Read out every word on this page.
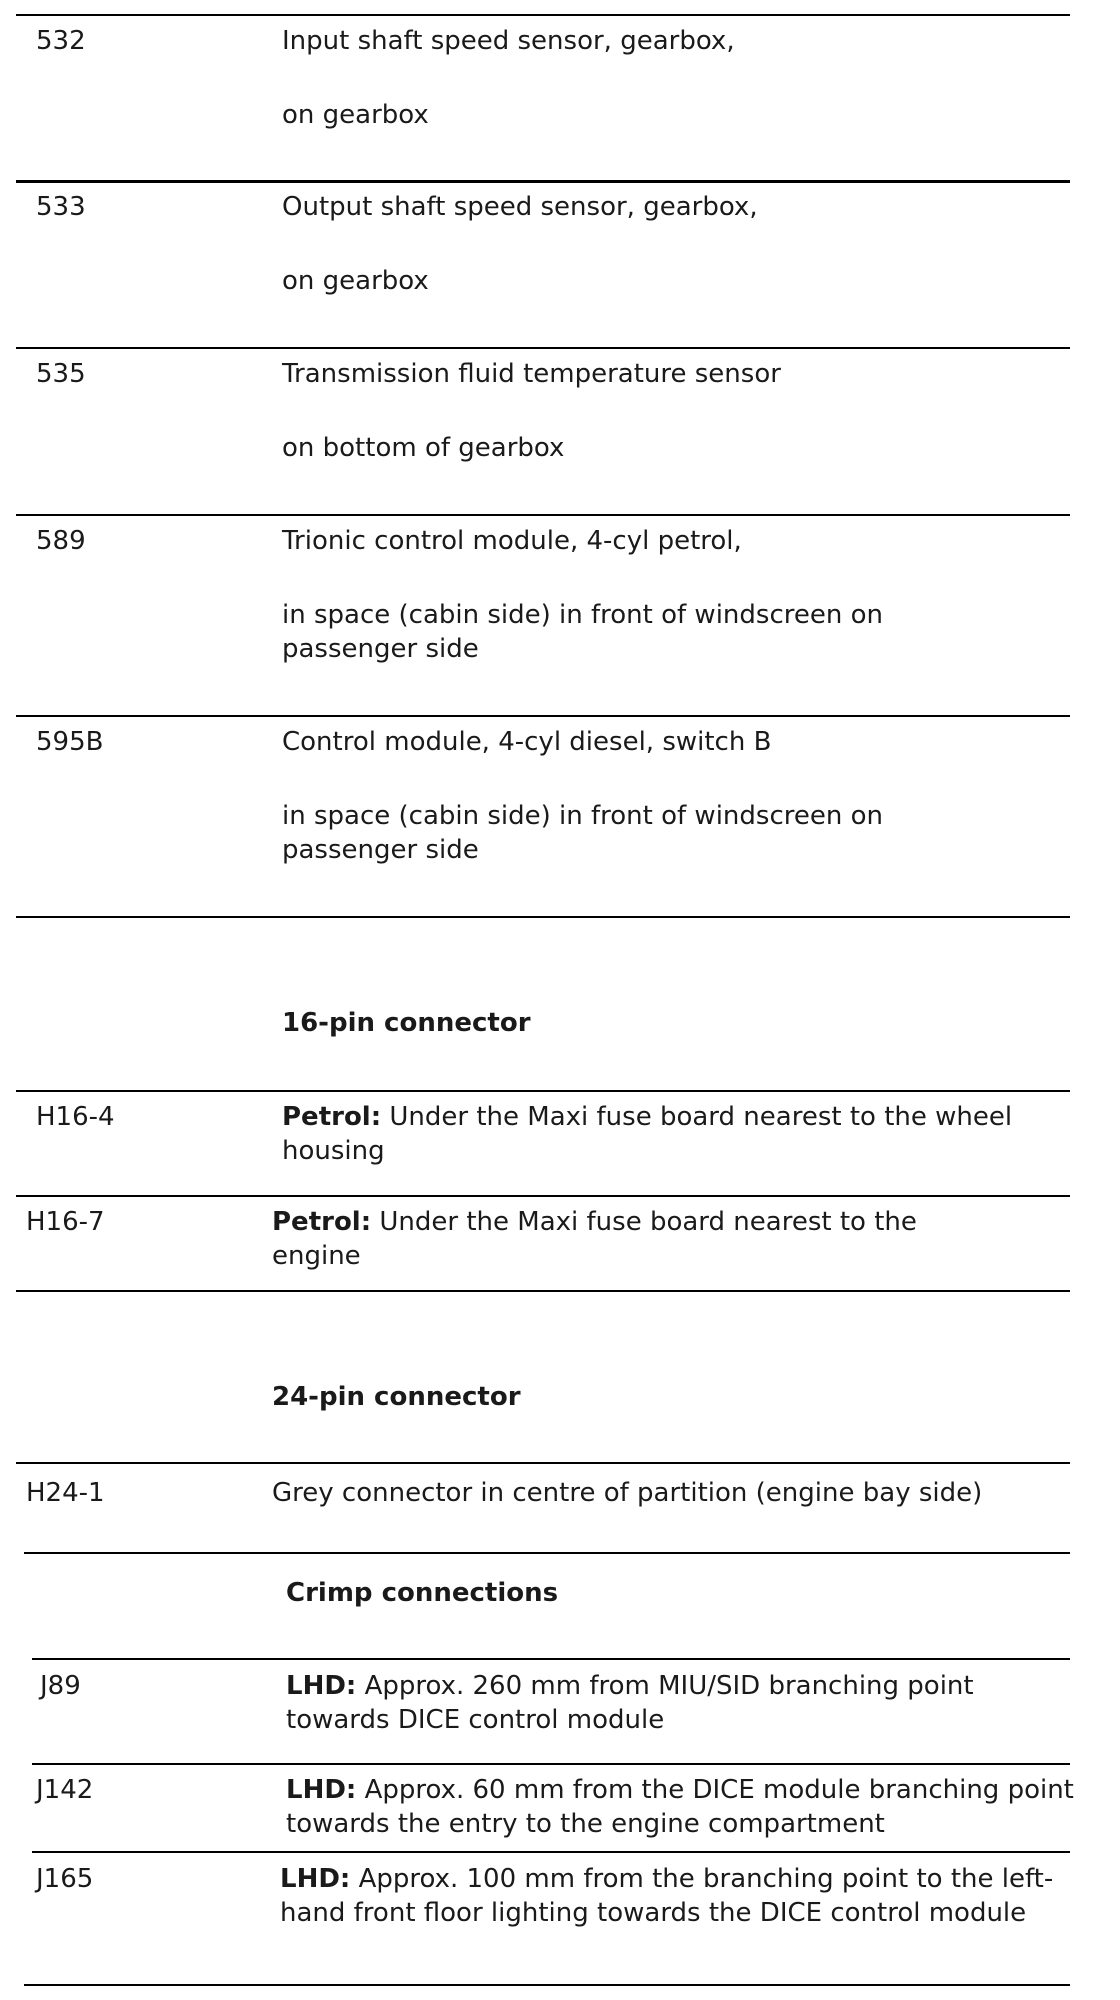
532	Input shaft speed sensor, gearbox,
on gearbox
533	Output shaft speed sensor, gearbox,
on gearbox
535	Transmission fluid temperature sensor
on bottom of gearbox
589	Trionic control module, 4-cyl petrol,
in space (cabin side) in front of windscreen on passenger side
595B	Control module, 4-cyl diesel, switch B
in space (cabin side) in front of windscreen on passenger side
16-pin connector
H16-4	Petrol: Under the Maxi fuse board nearest to the wheel housing
H16-7	Petrol: Under the Maxi fuse board nearest to the engine
24-pin connector
H24-1	Grey connector in centre of partition (engine bay side)
Crimp connections
J89	LHD: Approx. 260 mm from MIU/SID branching point towards DICE control module
J142	LHD: Approx. 60 mm from the DICE module branching point towards the entry to the engine compartment
J165	LHD: Approx. 100 mm from the branching point to the left-hand front floor lighting towards the DICE control module
